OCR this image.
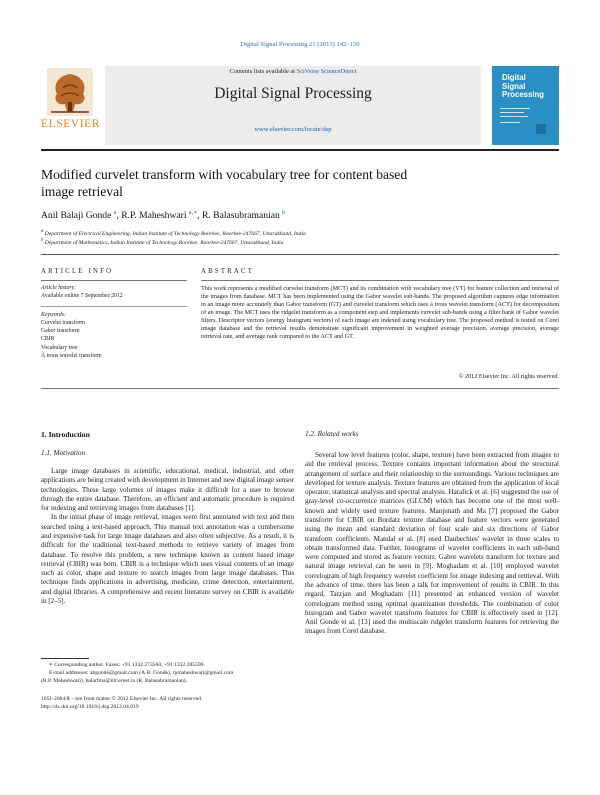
Digital Signal Processing 23 (2013) 142–150
ELSEVIER
Contents lists available at SciVerse ScienceDirect
Digital Signal Processing
www.elsevier.com/locate/dsp
Digital
Signal
Processing
Modified curvelet transform with vocabulary tree for content based
image retrieval
Anil Balaji Gonde $^a$, R.P. Maheshwari $^{a,∗}$, R. Balasubramanian $^b$
$^a$ Department of Electrical Engineering, Indian Institute of Technology Roorkee, Roorkee-247667, Uttarakhand, India
$^b$ Department of Mathematics, Indian Institute of Technology Roorkee, Roorkee-247667, Uttarakhand, India
ARTICLE INFO	ABSTRACT
Article history:
Available online 7 September 2012
Keywords:
Curvelet transform
Gabor transform
CBIR
Vocabulary tree
À trous wavelet transform
This work represents a modified curvelet transform (MCT) and its combination with vocabulary tree (VT) for feature collection and retrieval of the images from database. MCT has been implemented using the Gabor wavelet sub-bands. The proposed algorithm captures edge information in an image more accurately than Gabor transform (GT) and curvelet transform which uses à trous wavelet transform (ACT) for decomposition of an image. The MCT uses the ridgelet transform as a component step and implements curvelet sub-bands using a filter bank of Gabor wavelet filters. Descriptor vectors (energy histogram vectors) of each image are indexed using vocabulary tree. The proposed method is tested on Corel image database and the retrieval results demonstrate significant improvement in weighted average precision, average precision, average retrieval rate, and average rank compared to the ACT and GT.
© 2012 Elsevier Inc. All rights reserved.
1. Introduction
1.1. Motivation

Large image databases in scientific, educational, medical, industrial, and other applications are being created with development in Internet and new digital image sensor technologies. These large volumes of images make it difficult for a user to browse through the entire database. Therefore, an efficient and automatic procedure is required for indexing and retrieving images from databases [1].

In the initial phase of image retrieval, images were first annotated with text and then searched using a text-based approach. This manual text annotation was a cumbersome and expensive task for large image databases and also often subjective. As a result, it is difficult for the traditional text-based methods to retrieve variety of images from database. To resolve this problem, a new technique known as content based image retrieval (CBIR) was born. CBIR is a technique which uses visual contents of an image such as color, shape and texture to search images from large image databases. This technique finds applications in advertising, medicine, crime detection, entertainment, and digital libraries. A comprehensive and recent literature survey on CBIR is available in [2–5].

1.2. Related works

Several low level features (color, shape, texture) have been extracted from images to aid the retrieval process. Texture contains important information about the structural arrangement of surface and their relationship to the surroundings. Various techniques are developed for texture analysis. Texture features are obtained from the application of local operator, statistical analysis and spectral analysis. Haralick et al. [6] suggested the use of gray-level co-occurrence matrices (GLCM) which has become one of the most well-known and widely used texture features. Manjunath and Ma [7] proposed the Gabor transform for CBIR on Bordatz texture database and feature vectors were generated using the mean and standard deviation of four scale and six directions of Gabor transform coefficients. Mandal et al. [8] used Daubechies' wavelet in three scales to obtain transformed data. Further, histograms of wavelet coefficients in each sub-band were computed and stored as feature vectors. Gabor wavelets transform for texture and natural image retrieval can be seen in [9]. Moghadam et al. [10] employed wavelet correlogram of high frequency wavelet coefficient for image indexing and retrieval. With the advance of time, there has been a talk for improvement of results in CBIR. In this regard, Tarzjan and Moghadam [11] presented an enhanced version of wavelet correlogram method using optimal quantization thresholds. The combination of color histogram and Gabor wavelet transform features for CBIR is effectively used in [12]. Anil Gonde et al. [13] used the multiscale ridgelet transform features for retrieving the images from Corel database.

∗ Corresponding author. Faxes: +91 1332 273560, +91 1332 285596.
E-mail addresses: abgonde@gmail.com (A.B. Gonde), rpmaheshwari@gmail.com
(R.P. Maheshwari), balarfma@iitr.ernet.in (R. Balasubramanian).
1051-2004/$ – see front matter © 2012 Elsevier Inc. All rights reserved.
http://dx.doi.org/10.1016/j.dsp.2012.04.019
